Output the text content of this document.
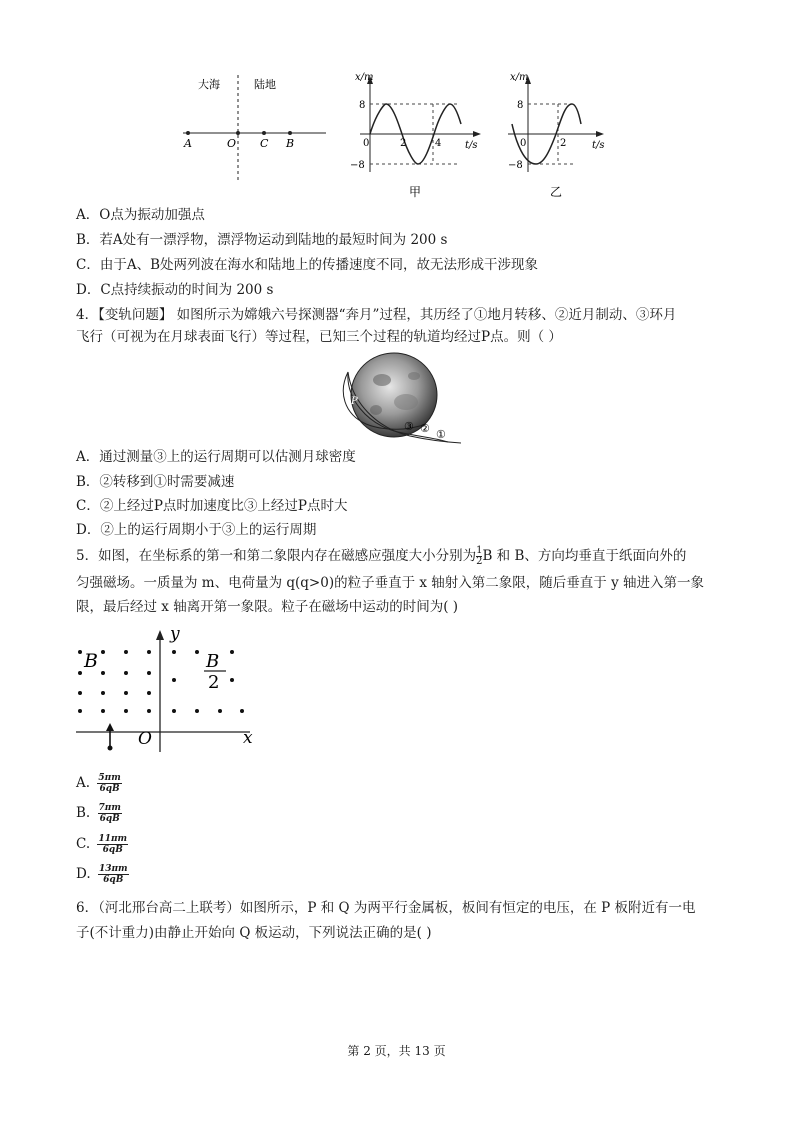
大海	陆地
A	O C B
x/m
t/s
8
−8
0	2	4
甲
x/m
t/s
8
−8
0	2
乙
A．O点为振动加强点
B．若A处有一漂浮物，漂浮物运动到陆地的最短时间为 200 s
C．由于A、B处两列波在海水和陆地上的传播速度不同，故无法形成干涉现象
D．C点持续振动的时间为 200 s
4．【变轨问题】 如图所示为嫦娥六号探测器“奔月”过程，其历经了①地月转移、②近月制动、③环月
飞行（可视为在月球表面飞行）等过程，已知三个过程的轨道均经过P点。则（ ）
P
③ ② ①
A．通过测量③上的运行周期可以估测月球密度
B．②转移到①时需要减速
C．②上经过P点时加速度比③上经过P点时大
D．②上的运行周期小于③上的运行周期
5．如图，在坐标系的第一和第二象限内存在磁感应强度大小分别为 $\frac{1}{2}$ B 和 B、方向均垂直于纸面向外的
匀强磁场。一质量为 m、电荷量为 q(q>0)的粒子垂直于 x 轴射入第二象限，随后垂直于 y 轴进入第一象
限，最后经过 x 轴离开第一象限。粒子在磁场中运动的时间为( )
y
x
O
B	B
2
A. $\frac{5\pi m}{6qB}$
B. $\frac{7\pi m}{6qB}$
C. $\frac{11\pi m}{6qB}$
D. $\frac{13\pi m}{6qB}$
6．（河北邢台高二上联考）如图所示，P 和 Q 为两平行金属板，板间有恒定的电压，在 P 板附近有一电
子(不计重力)由静止开始向 Q 板运动，下列说法正确的是( )
第 2 页，共 13 页
